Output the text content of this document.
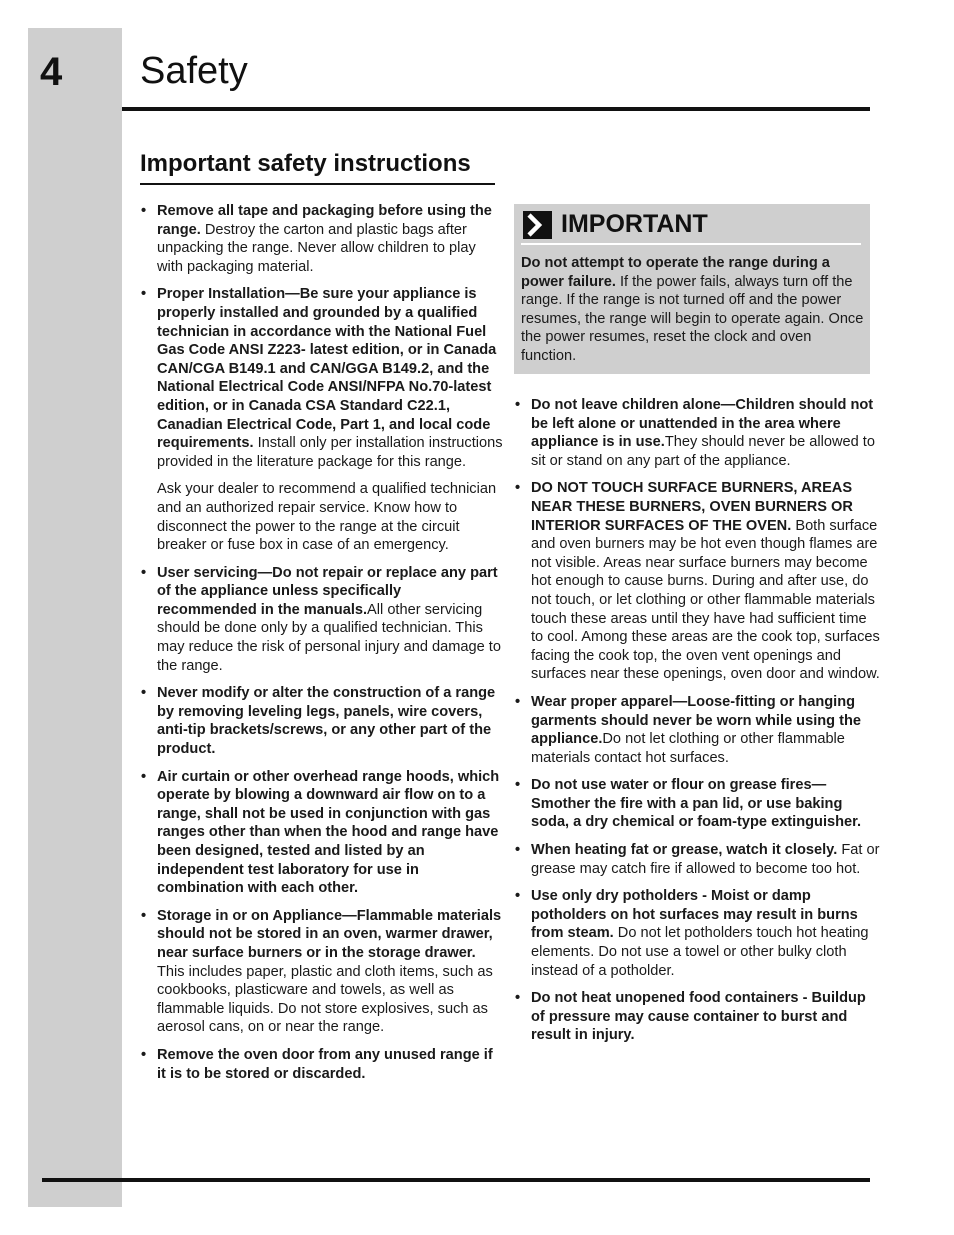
4 Safety
Important safety instructions
• Remove all tape and packaging before using the range. Destroy the carton and plastic bags after unpacking the range. Never allow children to play with packaging material.
• Proper Installation—Be sure your appliance is properly installed and grounded by a qualified technician in accordance with the National Fuel Gas Code ANSI Z223- latest edition, or in Canada CAN/CGA B149.1 and CAN/GGA B149.2, and the National Electrical Code ANSI/NFPA No.70-latest edition, or in Canada CSA Standard C22.1, Canadian Electrical Code, Part 1, and local code requirements. Install only per installation instructions provided in the literature package for this range.

Ask your dealer to recommend a qualified technician and an authorized repair service. Know how to disconnect the power to the range at the circuit breaker or fuse box in case of an emergency.

• User servicing—Do not repair or replace any part of the appliance unless specifically recommended in the manuals.All other servicing should be done only by a qualified technician. This may reduce the risk of personal injury and damage to the range.
• Never modify or alter the construction of a range by removing leveling legs, panels, wire covers, anti-tip brackets/screws, or any other part of the product.
• Air curtain or other overhead range hoods, which operate by blowing a downward air flow on to a range, shall not be used in conjunction with gas ranges other than when the hood and range have been designed, tested and listed by an independent test laboratory for use in combination with each other.
• Storage in or on Appliance—Flammable materials should not be stored in an oven, warmer drawer, near surface burners or in the storage drawer. This includes paper, plastic and cloth items, such as cookbooks, plasticware and towels, as well as flammable liquids. Do not store explosives, such as aerosol cans, on or near the range.
• Remove the oven door from any unused range if it is to be stored or discarded.
IMPORTANT

Do not attempt to operate the range during a power failure. If the power fails, always turn off the range. If the range is not turned off and the power resumes, the range will begin to operate again. Once the power resumes, reset the clock and oven function.

• Do not leave children alone—Children should not be left alone or unattended in the area where appliance is in use.They should never be allowed to sit or stand on any part of the appliance.
• DO NOT TOUCH SURFACE BURNERS, AREAS NEAR THESE BURNERS, OVEN BURNERS OR INTERIOR SURFACES OF THE OVEN. Both surface and oven burners may be hot even though flames are not visible. Areas near surface burners may become hot enough to cause burns. During and after use, do not touch, or let clothing or other flammable materials touch these areas until they have had sufficient time to cool. Among these areas are the cook top, surfaces facing the cook top, the oven vent openings and surfaces near these openings, oven door and window.
• Wear proper apparel—Loose-fitting or hanging garments should never be worn while using the appliance.Do not let clothing or other flammable materials contact hot surfaces.
• Do not use water or flour on grease fires—Smother the fire with a pan lid, or use baking soda, a dry chemical or foam-type extinguisher.
• When heating fat or grease, watch it closely. Fat or grease may catch fire if allowed to become too hot.
• Use only dry potholders - Moist or damp potholders on hot surfaces may result in burns from steam. Do not let potholders touch hot heating elements. Do not use a towel or other bulky cloth instead of a potholder.
• Do not heat unopened food containers - Buildup of pressure may cause container to burst and result in injury.
